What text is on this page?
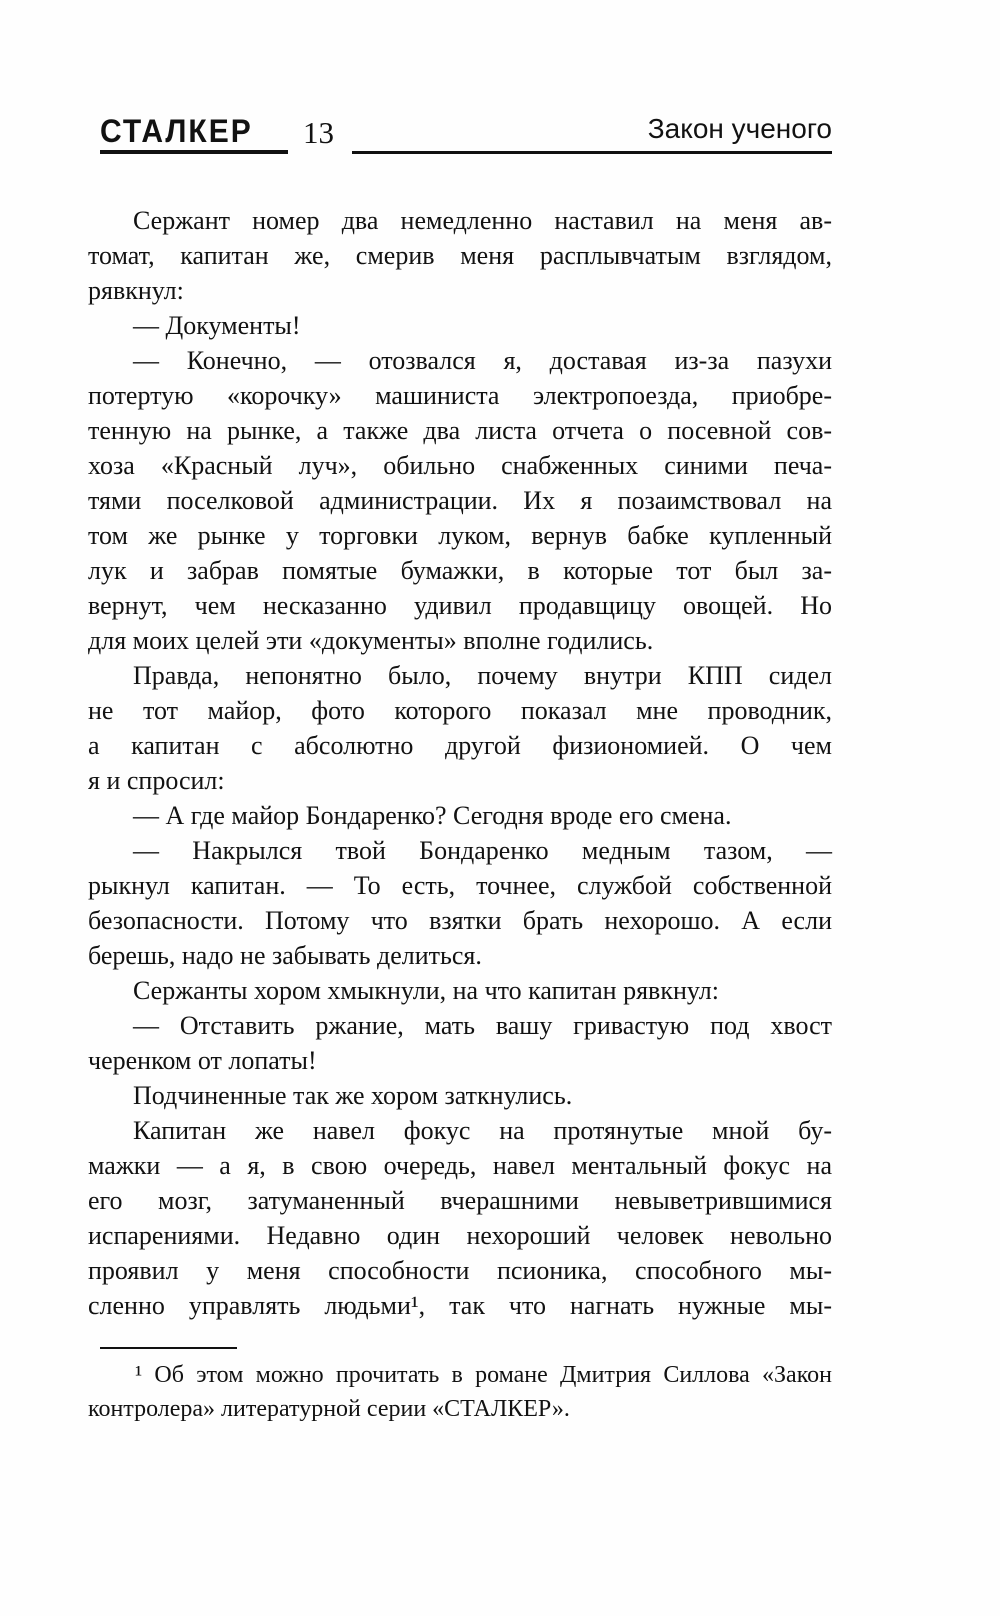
СТАЛКЕР 13	Закон ученого
Сержант номер два немедленно наставил на меня ав-
томат, капитан же, смерив меня расплывчатым взглядом,
рявкнул:
— Документы!
— Конечно, — отозвался я, доставая из-за пазухи
потертую «корочку» машиниста электропоезда, приобре-
тенную на рынке, а также два листа отчета о посевной сов-
хоза «Красный луч», обильно снабженных синими печа-
тями поселковой администрации. Их я позаимствовал на
том же рынке у торговки луком, вернув бабке купленный
лук и забрав помятые бумажки, в которые тот был за-
вернут, чем несказанно удивил продавщицу овощей. Но
для моих целей эти «документы» вполне годились.
Правда, непонятно было, почему внутри КПП сидел
не тот майор, фото которого показал мне проводник,
а капитан с абсолютно другой физиономией. О чем
я и спросил:
— А где майор Бондаренко? Сегодня вроде его смена.
— Накрылся твой Бондаренко медным тазом, —
рыкнул капитан. — То есть, точнее, службой собственной
безопасности. Потому что взятки брать нехорошо. А если
берешь, надо не забывать делиться.
Сержанты хором хмыкнули, на что капитан рявкнул:
— Отставить ржание, мать вашу гривастую под хвост
черенком от лопаты!
Подчиненные так же хором заткнулись.
Капитан же навел фокус на протянутые мной бу-
мажки — а я, в свою очередь, навел ментальный фокус на
его мозг, затуманенный вчерашними невыветрившимися
испарениями. Недавно один нехороший человек невольно
проявил у меня способности псионика, способного мы-
сленно управлять людьми¹, так что нагнать нужные мы-
¹ Об этом можно прочитать в романе Дмитрия Силлова «Закон
контролера» литературной серии «СТАЛКЕР».
